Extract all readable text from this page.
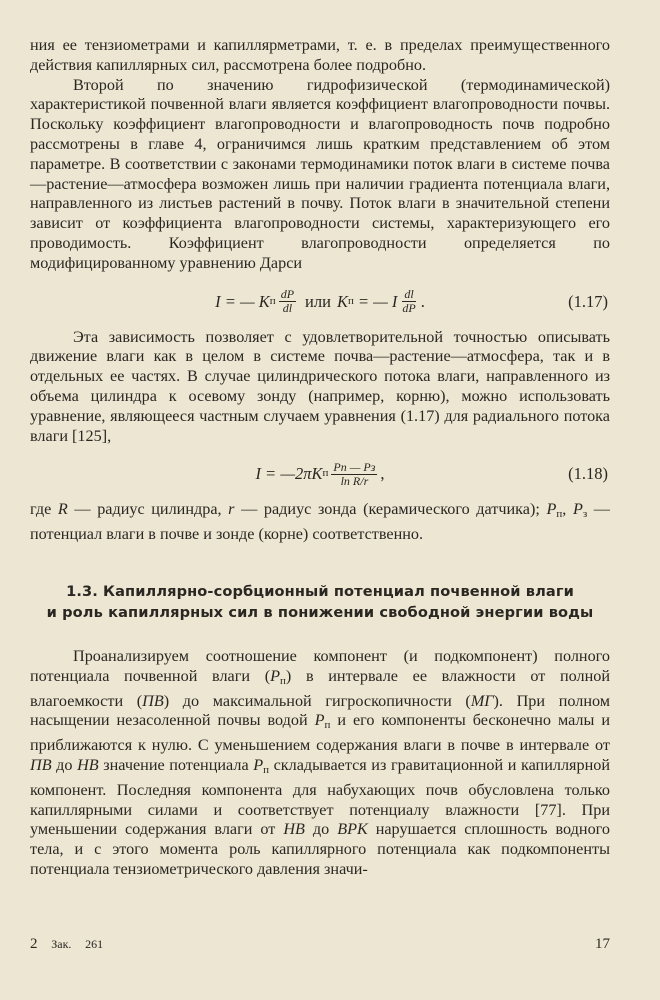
ния ее тензиометрами и капиллярметрами, т. е. в пределах преимущественного действия капиллярных сил, рассмотрена более подробно.

Второй по значению гидрофизической (термодинамической) характеристикой почвенной влаги является коэффициент влагопроводности почвы. Поскольку коэффициент влагопроводности и влагопроводность почв подробно рассмотрены в главе 4, ограничимся лишь кратким представлением об этом параметре. В соответствии с законами термодинамики поток влаги в системе почва—растение—атмосфера возможен лишь при наличии градиента потенциала влаги, направленного из листьев растений в почву. Поток влаги в значительной степени зависит от коэффициента влагопроводности системы, характеризующего его проводимость. Коэффициент влагопроводности определяется по модифицированному уравнению Дарси

I = — K п $\frac{dP}{dl}$ или K п = — I $\frac{dl}{dP}$ .	(1.17)

Эта зависимость позволяет с удовлетворительной точностью описывать движение влаги как в целом в системе почва—растение—атмосфера, так и в отдельных ее частях. В случае цилиндрического потока влаги, направленного из объема цилиндра к осевому зонду (например, корню), можно использовать уравнение, являющееся частным случаем уравнения (1.17) для радиального потока влаги [125],

I = —2πK п $\frac{Pп — Pз}{\text{ln R/r}}$ ,	(1.18)

где R — радиус цилиндра, r — радиус зонда (керамического датчика); $P_п$, $P_з$ — потенциал влаги в почве и зонде (корне) соответственно.

1.3. Капиллярно-сорбционный потенциал почвенной влаги
и роль капиллярных сил в понижении свободной энергии воды

Проанализируем соотношение компонент (и подкомпонент) полного потенциала почвенной влаги $(P_п)$ в интервале ее влажности от полной влагоемкости (ПВ) до максимальной гигроскопичности (МГ). При полном насыщении незасоленной почвы водой $P_п$ и его компоненты бесконечно малы и приближаются к нулю. С уменьшением содержания влаги в почве в интервале от ПВ до НВ значение потенциала $P_п$ складывается из гравитационной и капиллярной компонент. Последняя компонента для набухающих почв обусловлена только капиллярными силами и соответствует потенциалу влажности [77]. При уменьшении содержания влаги от НВ до ВРК нарушается сплошность водного тела, и с этого момента роль капиллярного потенциала как подкомпоненты потенциала тензиометрического давления значи-

2 Зак. 261	17
